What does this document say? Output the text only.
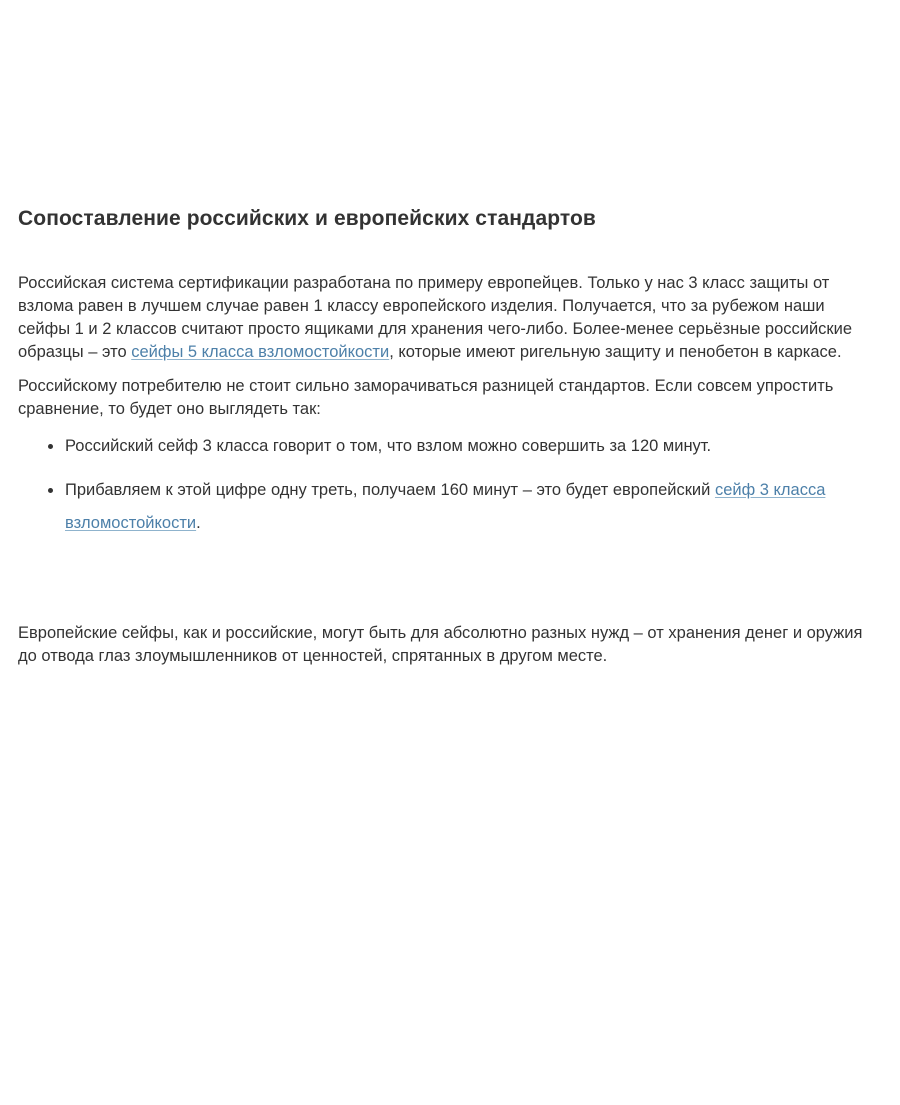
Сопоставление российских и европейских стандартов

Российская система сертификации разработана по примеру европейцев. Только у нас 3 класс защиты от взлома равен в лучшем случае равен 1 классу европейского изделия. Получается, что за рубежом наши сейфы 1 и 2 классов считают просто ящиками для хранения чего-либо. Более-менее серьёзные российские образцы – это сейфы 5 класса взломостойкости, которые имеют ригельную защиту и пенобетон в каркасе.

Российскому потребителю не стоит сильно заморачиваться разницей стандартов. Если совсем упростить сравнение, то будет оно выглядеть так:

• Российский сейф 3 класса говорит о том, что взлом можно совершить за 120 минут.
• Прибавляем к этой цифре одну треть, получаем 160 минут – это будет европейский сейф 3 класса взломостойкости.

Европейские сейфы, как и российские, могут быть для абсолютно разных нужд – от хранения денег и оружия до отвода глаз злоумышленников от ценностей, спрятанных в другом месте.
